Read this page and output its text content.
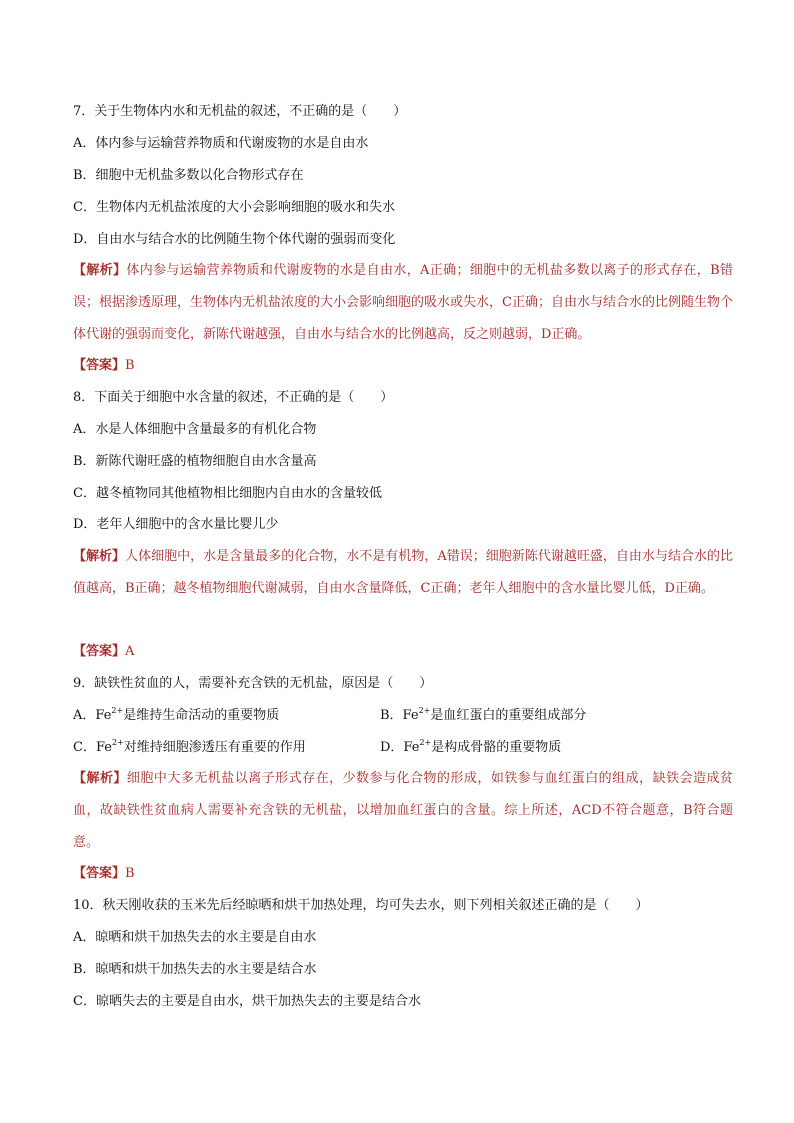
7．关于生物体内水和无机盐的叙述，不正确的是（　　）
A．体内参与运输营养物质和代谢废物的水是自由水
B．细胞中无机盐多数以化合物形式存在
C．生物体内无机盐浓度的大小会影响细胞的吸水和失水
D．自由水与结合水的比例随生物个体代谢的强弱而变化
【解析】体内参与运输营养物质和代谢废物的水是自由水，A正确；细胞中的无机盐多数以离子的形式存在，B错误；根据渗透原理，生物体内无机盐浓度的大小会影响细胞的吸水或失水，C正确；自由水与结合水的比例随生物个体代谢的强弱而变化，新陈代谢越强，自由水与结合水的比例越高，反之则越弱，D正确。
【答案】B
8．下面关于细胞中水含量的叙述，不正确的是（　　）
A．水是人体细胞中含量最多的有机化合物
B．新陈代谢旺盛的植物细胞自由水含量高
C．越冬植物同其他植物相比细胞内自由水的含量较低
D．老年人细胞中的含水量比婴儿少
【解析】人体细胞中，水是含量最多的化合物，水不是有机物，A错误；细胞新陈代谢越旺盛，自由水与结合水的比值越高，B正确；越冬植物细胞代谢减弱，自由水含量降低，C正确；老年人细胞中的含水量比婴儿低，D正确。
【答案】A
9．缺铁性贫血的人，需要补充含铁的无机盐，原因是（　　）
A．$Fe^{2+}$是维持生命活动的重要物质	B．$Fe^{2+}$是血红蛋白的重要组成部分
C．$Fe^{2+}$对维持细胞渗透压有重要的作用	D．$Fe^{2+}$是构成骨骼的重要物质
【解析】细胞中大多无机盐以离子形式存在，少数参与化合物的形成，如铁参与血红蛋白的组成，缺铁会造成贫血，故缺铁性贫血病人需要补充含铁的无机盐，以增加血红蛋白的含量。综上所述，ACD不符合题意，B符合题意。
【答案】B
10．秋天刚收获的玉米先后经晾晒和烘干加热处理，均可失去水，则下列相关叙述正确的是（　　）
A．晾晒和烘干加热失去的水主要是自由水
B．晾晒和烘干加热失去的水主要是结合水
C．晾晒失去的主要是自由水，烘干加热失去的主要是结合水
